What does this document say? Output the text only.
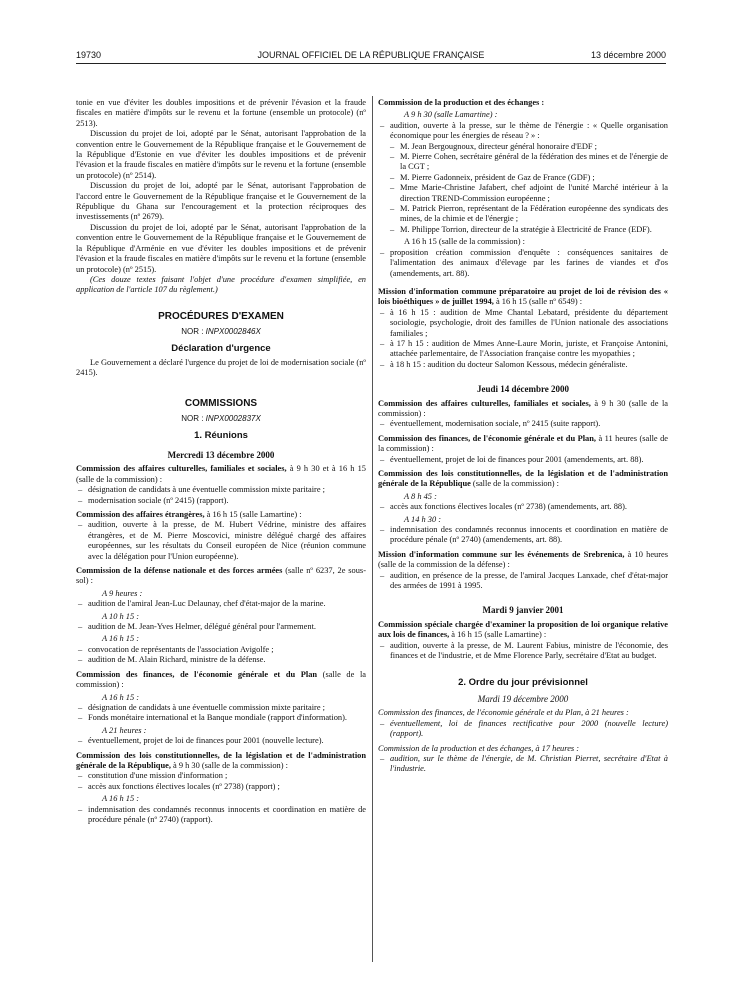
19730	JOURNAL OFFICIEL DE LA RÉPUBLIQUE FRANÇAISE	13 décembre 2000

tonie en vue d'éviter les doubles impositions et de prévenir l'évasion et la fraude fiscales en matière d'impôts sur le revenu et la fortune (ensemble un protocole) (nº 2513).

Discussion du projet de loi, adopté par le Sénat, autorisant l'approbation de la convention entre le Gouvernement de la République française et le Gouvernement de la République d'Estonie en vue d'éviter les doubles impositions et de prévenir l'évasion et la fraude fiscales en matière d'impôts sur le revenu et la fortune (ensemble un protocole) (nº 2514).

Discussion du projet de loi, adopté par le Sénat, autorisant l'approbation de l'accord entre le Gouvernement de la République française et le Gouvernement de la République du Ghana sur l'encouragement et la protection réciproques des investissements (nº 2679).

Discussion du projet de loi, adopté par le Sénat, autorisant l'approbation de la convention entre le Gouvernement de la République française et le Gouvernement de la République d'Arménie en vue d'éviter les doubles impositions et de prévenir l'évasion et la fraude fiscales en matière d'impôts sur le revenu et la fortune (ensemble un protocole) (nº 2515).

(Ces douze textes faisant l'objet d'une procédure d'examen simplifiée, en application de l'article 107 du règlement.)

PROCÉDURES D'EXAMEN
NOR : INPX0002846X
Déclaration d'urgence

Le Gouvernement a déclaré l'urgence du projet de loi de modernisation sociale (nº 2415).

COMMISSIONS
NOR : INPX0002837X
1. Réunions
Mercredi 13 décembre 2000

Commission des affaires culturelles, familiales et sociales, à 9 h 30 et à 16 h 15 (salle de la commission) :

– désignation de candidats à une éventuelle commission mixte paritaire ;
– modernisation sociale (nº 2415) (rapport).

Commission des affaires étrangères, à 16 h 15 (salle Lamartine) :

– audition, ouverte à la presse, de M. Hubert Védrine, ministre des affaires étrangères, et de M. Pierre Moscovici, ministre délégué chargé des affaires européennes, sur les résultats du Conseil européen de Nice (réunion commune avec la délégation pour l'Union européenne).

Commission de la défense nationale et des forces armées (salle nº 6237, 2e sous-sol) :

A 9 heures :

– audition de l'amiral Jean-Luc Delaunay, chef d'état-major de la marine.

A 10 h 15 :

– audition de M. Jean-Yves Helmer, délégué général pour l'armement.

A 16 h 15 :

– convocation de représentants de l'association Avigolfe ;
– audition de M. Alain Richard, ministre de la défense.

Commission des finances, de l'économie générale et du Plan (salle de la commission) :

A 16 h 15 :

– désignation de candidats à une éventuelle commission mixte paritaire ;
– Fonds monétaire international et la Banque mondiale (rapport d'information).

A 21 heures :

– éventuellement, projet de loi de finances pour 2001 (nouvelle lecture).

Commission des lois constitutionnelles, de la législation et de l'administration générale de la République, à 9 h 30 (salle de la commission) :

– constitution d'une mission d'information ;
– accès aux fonctions électives locales (nº 2738) (rapport) ;

A 16 h 15 :

– indemnisation des condamnés reconnus innocents et coordination en matière de procédure pénale (nº 2740) (rapport).

Commission de la production et des échanges :

A 9 h 30 (salle Lamartine) :

– audition, ouverte à la presse, sur le thème de l'énergie : « Quelle organisation économique pour les énergies de réseau ? » :
– M. Jean Bergougnoux, directeur général honoraire d'EDF ;
– M. Pierre Cohen, secrétaire général de la fédération des mines et de l'énergie de la CGT ;
– M. Pierre Gadonneix, président de Gaz de France (GDF) ;
– Mme Marie-Christine Jafabert, chef adjoint de l'unité Marché intérieur à la direction TREND-Commission européenne ;
– M. Patrick Pierron, représentant de la Fédération européenne des syndicats des mines, de la chimie et de l'énergie ;
– M. Philippe Torrion, directeur de la stratégie à Electricité de France (EDF).

A 16 h 15 (salle de la commission) :

– proposition création commission d'enquête : conséquences sanitaires de l'alimentation des animaux d'élevage par les farines de viandes et d'os (amendements, art. 88).

Mission d'information commune préparatoire au projet de loi de révision des « lois bioéthiques » de juillet 1994, à 16 h 15 (salle nº 6549) :

– à 16 h 15 : audition de Mme Chantal Lebatard, présidente du département sociologie, psychologie, droit des familles de l'Union nationale des associations familiales ;
– à 17 h 15 : audition de Mmes Anne-Laure Morin, juriste, et Françoise Antonini, attachée parlementaire, de l'Association française contre les myopathies ;
– à 18 h 15 : audition du docteur Salomon Kessous, médecin généraliste.
Jeudi 14 décembre 2000

Commission des affaires culturelles, familiales et sociales, à 9 h 30 (salle de la commission) :

– éventuellement, modernisation sociale, nº 2415 (suite rapport).

Commission des finances, de l'économie générale et du Plan, à 11 heures (salle de la commission) :

– éventuellement, projet de loi de finances pour 2001 (amendements, art. 88).

Commission des lois constitutionnelles, de la législation et de l'administration générale de la République (salle de la commission) :

A 8 h 45 :

– accès aux fonctions électives locales (nº 2738) (amendements, art. 88).

A 14 h 30 :

– indemnisation des condamnés reconnus innocents et coordination en matière de procédure pénale (nº 2740) (amendements, art. 88).

Mission d'information commune sur les événements de Srebrenica, à 10 heures (salle de la commission de la défense) :

– audition, en présence de la presse, de l'amiral Jacques Lanxade, chef d'état-major des armées de 1991 à 1995.
Mardi 9 janvier 2001

Commission spéciale chargée d'examiner la proposition de loi organique relative aux lois de finances, à 16 h 15 (salle Lamartine) :

– audition, ouverte à la presse, de M. Laurent Fabius, ministre de l'économie, des finances et de l'industrie, et de Mme Florence Parly, secrétaire d'Etat au budget.
2. Ordre du jour prévisionnel
Mardi 19 décembre 2000

Commission des finances, de l'économie générale et du Plan, à 21 heures :

– éventuellement, loi de finances rectificative pour 2000 (nouvelle lecture) (rapport).

Commission de la production et des échanges, à 17 heures :

– audition, sur le thème de l'énergie, de M. Christian Pierret, secrétaire d'Etat à l'industrie.
